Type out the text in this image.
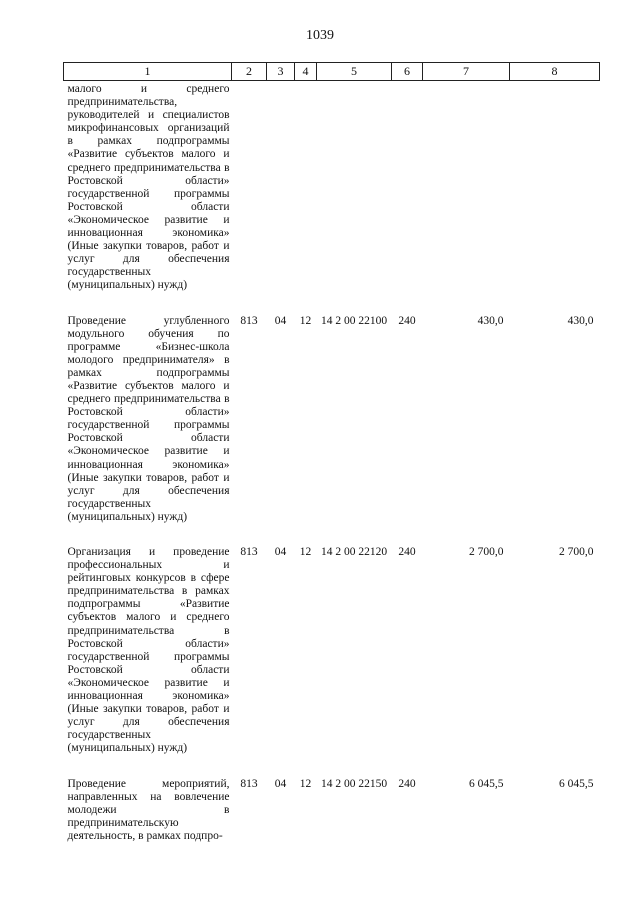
1039
1	2	3	4	5	6	7	8
малого и среднего предпринимательства, руководителей и специалистов микрофинансовых организаций в рамках подпрограммы «Развитие субъектов малого и среднего предпринимательства в Ростовской области» государственной программы Ростовской области «Экономическое развитие и инновационная экономика» (Иные закупки товаров, работ и услуг для обеспечения государственных (муниципальных) нужд)							
Проведение углубленного модульного обучения по программе «Бизнес-школа молодого предпринимателя» в рамках подпрограммы «Развитие субъектов малого и среднего предпринимательства в Ростовской области» государственной программы Ростовской области «Экономическое развитие и инновационная экономика» (Иные закупки товаров, работ и услуг для обеспечения государственных (муниципальных) нужд)	813	04	12	14 2 00 22100	240	430,0	430,0
Организация и проведение профессиональных и рейтинговых конкурсов в сфере предпринимательства в рамках подпрограммы «Развитие субъектов малого и среднего предпринимательства в Ростовской области» государственной программы Ростовской области «Экономическое развитие и инновационная экономика» (Иные закупки товаров, работ и услуг для обеспечения государственных (муниципальных) нужд)	813	04	12	14 2 00 22120	240	2 700,0	2 700,0
Проведение мероприятий, направленных на вовлечение молодежи в предпринимательскую деятельность, в рамках подпро-	813	04	12	14 2 00 22150	240	6 045,5	6 045,5
